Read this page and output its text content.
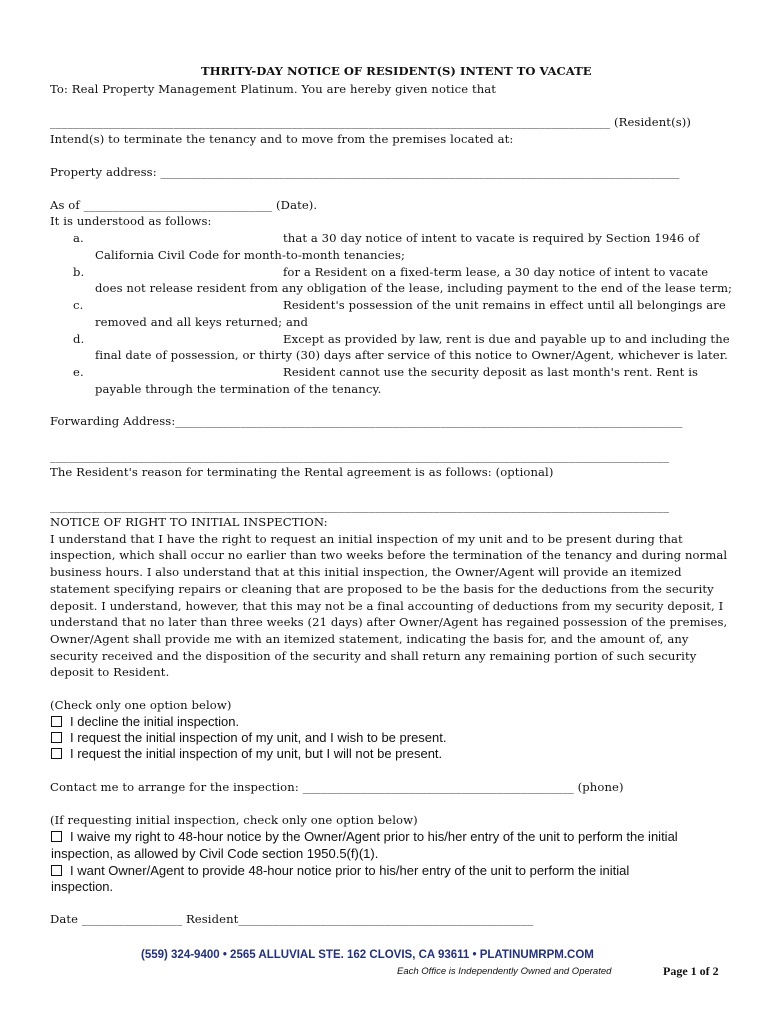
THRITY-DAY NOTICE OF RESIDENT(S) INTENT TO VACATE
To: Real Property Management Platinum. You are hereby given notice that
_______________________________________________________________________________________________ (Resident(s))
Intend(s) to terminate the tenancy and to move from the premises located at:
Property address: ________________________________________________________________________________________
As of ________________________________ (Date).
It is understood as follows:
a.	that a 30 day notice of intent to vacate is required by Section 1946 of
California Civil Code for month-to-month tenancies;
b.	for a Resident on a fixed-term lease, a 30 day notice of intent to vacate
does not release resident from any obligation of the lease, including payment to the end of the lease term;
c.	Resident's possession of the unit remains in effect until all belongings are
removed and all keys returned; and
d.	Except as provided by law, rent is due and payable up to and including the
final date of possession, or thirty (30) days after service of this notice to Owner/Agent, whichever is later.
e.	Resident cannot use the security deposit as last month's rent. Rent is
payable through the termination of the tenancy.
Forwarding Address:______________________________________________________________________________________
_________________________________________________________________________________________________________
The Resident's reason for terminating the Rental agreement is as follows: (optional)
_________________________________________________________________________________________________________
NOTICE OF RIGHT TO INITIAL INSPECTION:
I understand that I have the right to request an initial inspection of my unit and to be present during that
inspection, which shall occur no earlier than two weeks before the termination of the tenancy and during normal
business hours. I also understand that at this initial inspection, the Owner/Agent will provide an itemized
statement specifying repairs or cleaning that are proposed to be the basis for the deductions from the security
deposit. I understand, however, that this may not be a final accounting of deductions from my security deposit, I
understand that no later than three weeks (21 days) after Owner/Agent has regained possession of the premises,
Owner/Agent shall provide me with an itemized statement, indicating the basis for, and the amount of, any
security received and the disposition of the security and shall return any remaining portion of such security
deposit to Resident.
(Check only one option below)
I decline the initial inspection.
I request the initial inspection of my unit, and I wish to be present.
I request the initial inspection of my unit, but I will not be present.
Contact me to arrange for the inspection: ______________________________________________ (phone)
(If requesting initial inspection, check only one option below)
I waive my right to 48-hour notice by the Owner/Agent prior to his/her entry of the unit to perform the initial
inspection, as allowed by Civil Code section 1950.5(f)(1).
I want Owner/Agent to provide 48-hour notice prior to his/her entry of the unit to perform the initial
inspection.
Date _________________ Resident__________________________________________________
(559) 324-9400 • 2565 ALLUVIAL STE. 162 CLOVIS, CA 93611 • PLATINUMRPM.COM
Each Office is Independently Owned and Operated	Page 1 of 2
